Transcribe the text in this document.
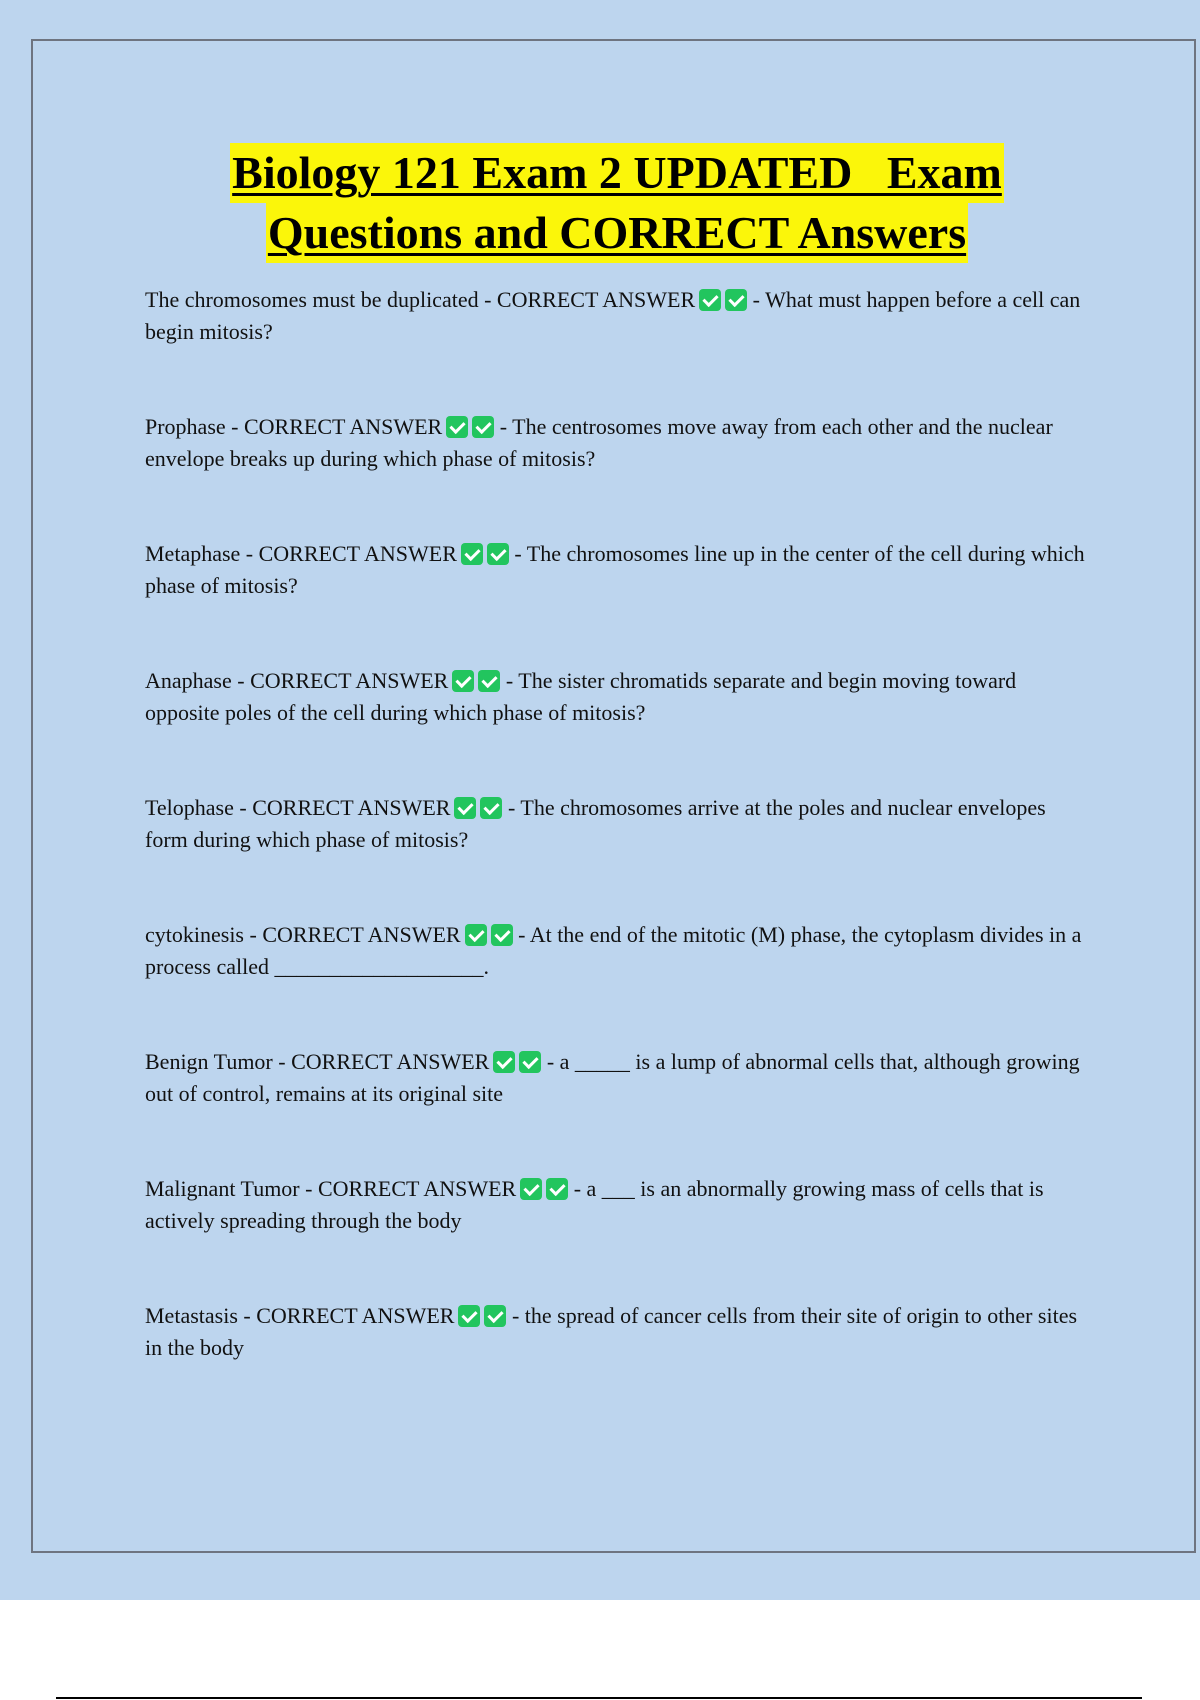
Biology 121 Exam 2 UPDATED   Exam
Questions and CORRECT Answers
The chromosomes must be duplicated - CORRECT ANSWER - What must happen before a cell can begin mitosis?
Prophase - CORRECT ANSWER - The centrosomes move away from each other and the nuclear envelope breaks up during which phase of mitosis?
Metaphase - CORRECT ANSWER - The chromosomes line up in the center of the cell during which phase of mitosis?
Anaphase - CORRECT ANSWER - The sister chromatids separate and begin moving toward opposite poles of the cell during which phase of mitosis?
Telophase - CORRECT ANSWER - The chromosomes arrive at the poles and nuclear envelopes form during which phase of mitosis?
cytokinesis - CORRECT ANSWER - At the end of the mitotic (M) phase, the cytoplasm divides in a process called ___________________.
Benign Tumor - CORRECT ANSWER - a _____ is a lump of abnormal cells that, although growing out of control, remains at its original site
Malignant Tumor - CORRECT ANSWER - a ___ is an abnormally growing mass of cells that is actively spreading through the body
Metastasis - CORRECT ANSWER - the spread of cancer cells from their site of origin to other sites in the body
